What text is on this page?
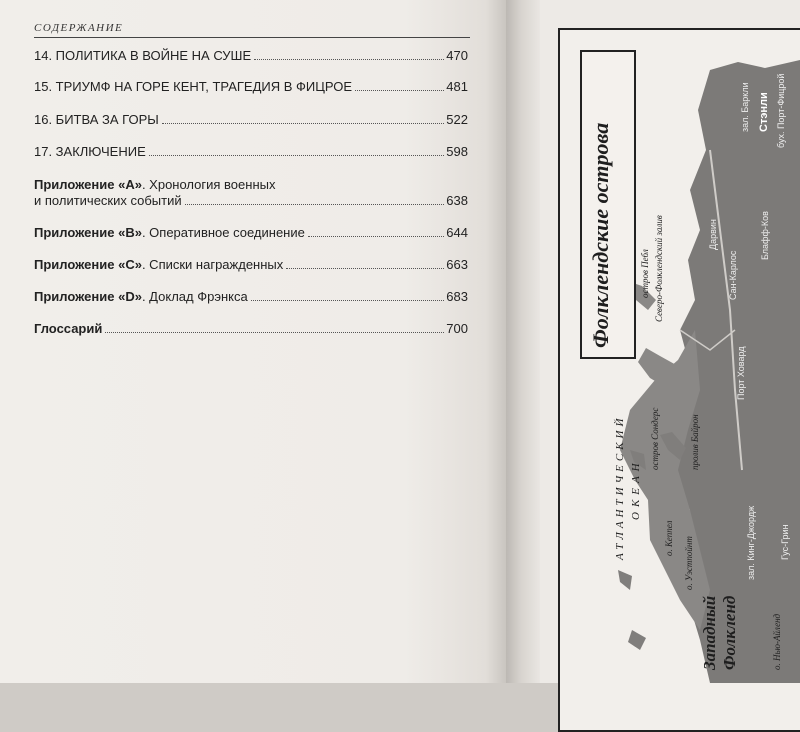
СОДЕРЖАНИЕ
14. ПОЛИТИКА В ВОЙНЕ НА СУШЕ	470
15. ТРИУМФ НА ГОРЕ КЕНТ, ТРАГЕДИЯ В ФИЦРОЕ	481
16. БИТВА ЗА ГОРЫ	522
17. ЗАКЛЮЧЕНИЕ	598
Приложение «А». Хронология военных
и политических событий	638
Приложение «В». Оперативное соединение	644
Приложение «С». Списки награжденных	663
Приложение «D». Доклад Фрэнкса	683
Глоссарий	700	Фолклендские острова
АТЛАНТИЧЕСКИЙ ОКЕАН
Западный Фолкленд
остров Пебл Северо-Фолклендский залив
остров Сондерс	пролив Байрон
о. Уэстпойнт
о. Кеппел
Порт Ховард
Сан-Карлос
Дарвин
Стэнли
зал. Баркли	бух. Порт-Фицрой
зал. Кинг-Джордж
о. Нью-Айленд
Гус-Грин
Блафф-Ков
